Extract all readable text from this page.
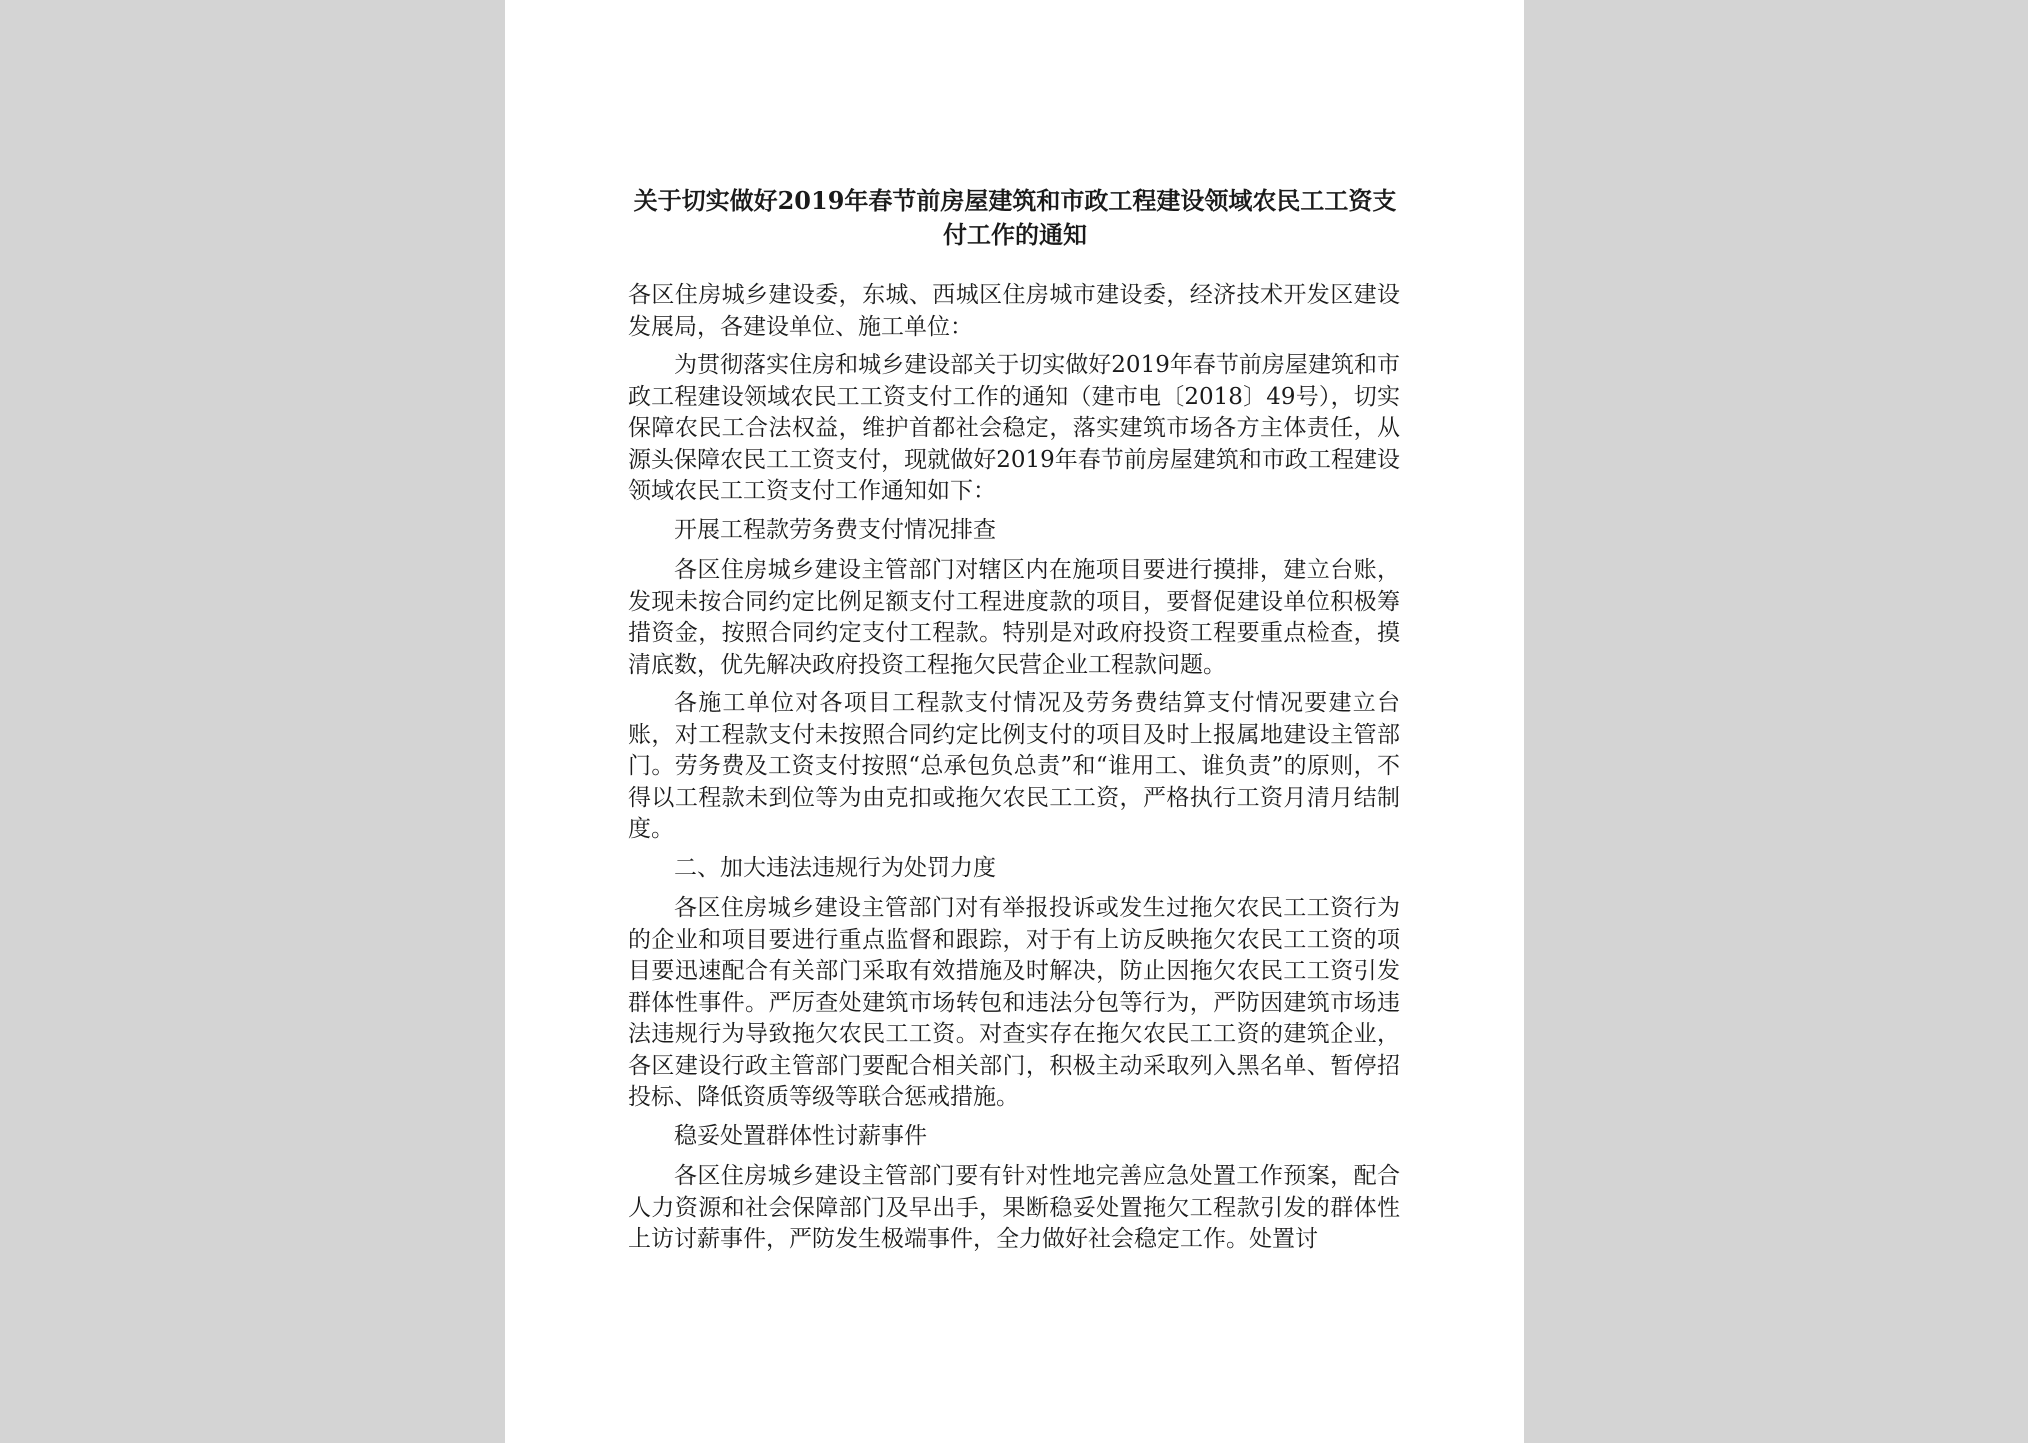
关于切实做好2019年春节前房屋建筑和市政工程建设领域农民工工资支付工作的通知

各区住房城乡建设委，东城、西城区住房城市建设委，经济技术开发区建设发展局，各建设单位、施工单位：

为贯彻落实住房和城乡建设部关于切实做好2019年春节前房屋建筑和市政工程建设领域农民工工资支付工作的通知（建市电〔2018〕49号），切实保障农民工合法权益，维护首都社会稳定，落实建筑市场各方主体责任，从源头保障农民工工资支付，现就做好2019年春节前房屋建筑和市政工程建设领域农民工工资支付工作通知如下：

开展工程款劳务费支付情况排查

各区住房城乡建设主管部门对辖区内在施项目要进行摸排，建立台账，发现未按合同约定比例足额支付工程进度款的项目，要督促建设单位积极筹措资金，按照合同约定支付工程款。特别是对政府投资工程要重点检查，摸清底数，优先解决政府投资工程拖欠民营企业工程款问题。

各施工单位对各项目工程款支付情况及劳务费结算支付情况要建立台账，对工程款支付未按照合同约定比例支付的项目及时上报属地建设主管部门。劳务费及工资支付按照“总承包负总责”和“谁用工、谁负责”的原则，不得以工程款未到位等为由克扣或拖欠农民工工资，严格执行工资月清月结制度。

二、加大违法违规行为处罚力度

各区住房城乡建设主管部门对有举报投诉或发生过拖欠农民工工资行为的企业和项目要进行重点监督和跟踪，对于有上访反映拖欠农民工工资的项目要迅速配合有关部门采取有效措施及时解决，防止因拖欠农民工工资引发群体性事件。严厉查处建筑市场转包和违法分包等行为，严防因建筑市场违法违规行为导致拖欠农民工工资。对查实存在拖欠农民工工资的建筑企业，各区建设行政主管部门要配合相关部门，积极主动采取列入黑名单、暂停招投标、降低资质等级等联合惩戒措施。

稳妥处置群体性讨薪事件

各区住房城乡建设主管部门要有针对性地完善应急处置工作预案，配合人力资源和社会保障部门及早出手，果断稳妥处置拖欠工程款引发的群体性上访讨薪事件，严防发生极端事件，全力做好社会稳定工作。处置讨
